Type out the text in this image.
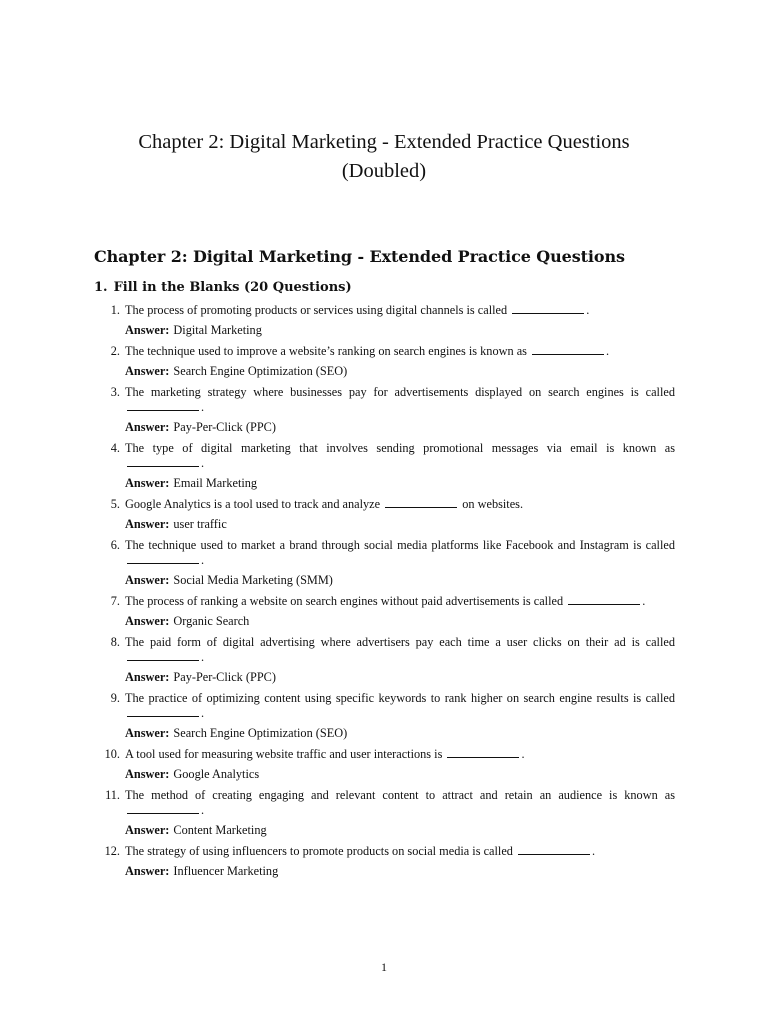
Chapter 2: Digital Marketing - Extended Practice Questions
(Doubled)
Chapter 2: Digital Marketing - Extended Practice Questions
1. Fill in the Blanks (20 Questions)
1. The process of promoting products or services using digital channels is called	.
Answer: Digital Marketing
2. The technique used to improve a website’s ranking on search engines is known as	.
Answer: Search Engine Optimization (SEO)
3. The marketing strategy where businesses pay for advertisements displayed on search engines is called .
Answer: Pay-Per-Click (PPC)
4. The type of digital marketing that involves sending promotional messages via email is known as .
Answer: Email Marketing
5. Google Analytics is a tool used to track and analyze	on websites.
Answer: user traffic
6. The technique used to market a brand through social media platforms like Facebook and Instagram is called .
Answer: Social Media Marketing (SMM)
7. The process of ranking a website on search engines without paid advertisements is called	.
Answer: Organic Search
8. The paid form of digital advertising where advertisers pay each time a user clicks on their ad is called .
Answer: Pay-Per-Click (PPC)
9. The practice of optimizing content using specific keywords to rank higher on search engine results is called .
Answer: Search Engine Optimization (SEO)
10. A tool used for measuring website traffic and user interactions is	.
Answer: Google Analytics
11. The method of creating engaging and relevant content to attract and retain an audience is known as .
Answer: Content Marketing
12. The strategy of using influencers to promote products on social media is called	.
Answer: Influencer Marketing
1
